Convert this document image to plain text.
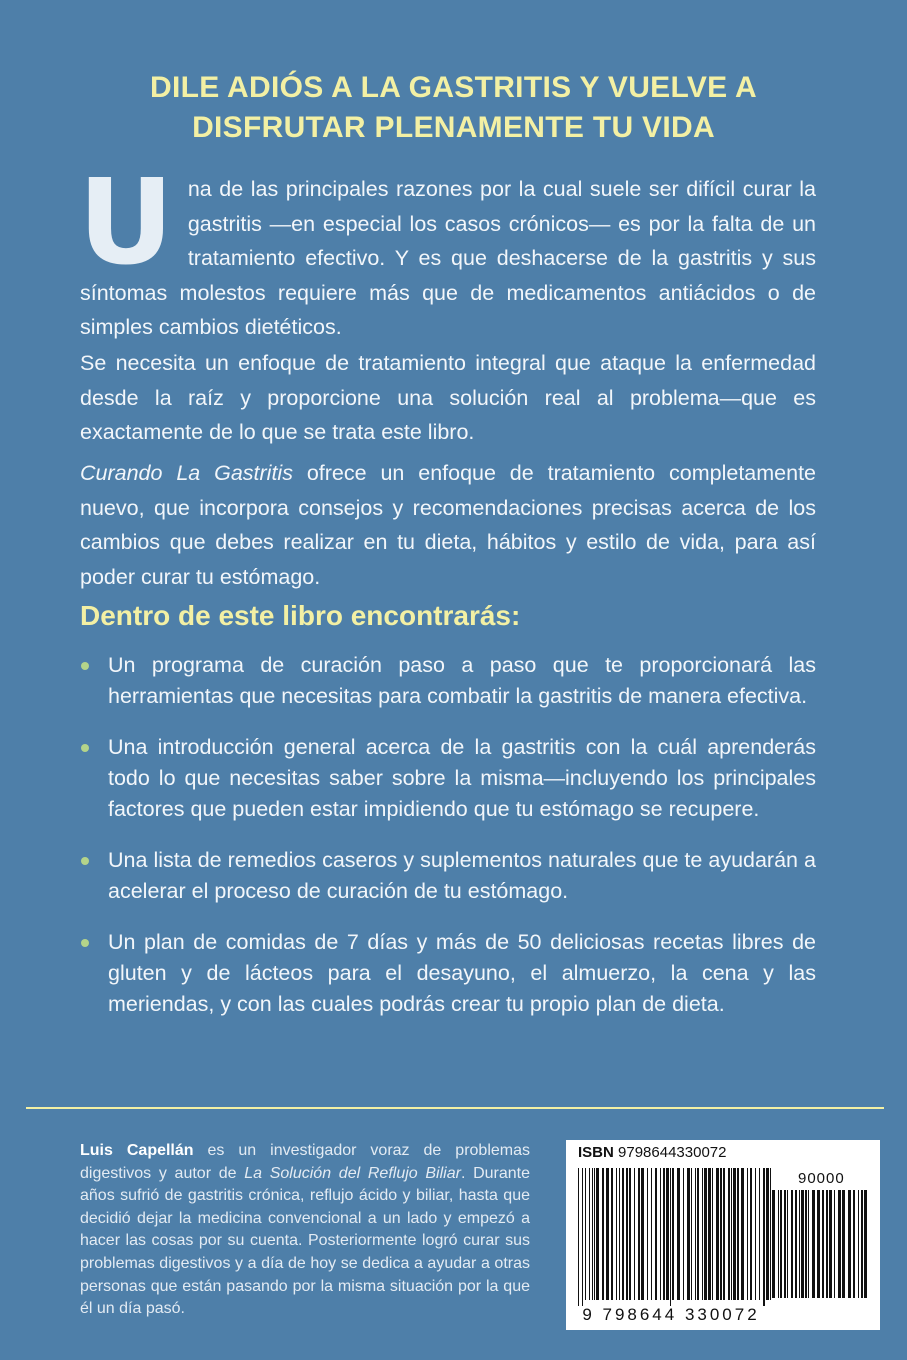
DILE ADIÓS A LA GASTRITIS Y VUELVE A
DISFRUTAR PLENAMENTE TU VIDA
Una de las principales razones por la cual suele ser difícil curar la gastritis —en especial los casos crónicos— es por la falta de un tratamiento efectivo. Y es que deshacerse de la gastritis y sus síntomas molestos requiere más que de medicamentos antiácidos o de simples cambios dietéticos.
Se necesita un enfoque de tratamiento integral que ataque la enfermedad desde la raíz y proporcione una solución real al problema—que es exactamente de lo que se trata este libro.
Curando La Gastritis ofrece un enfoque de tratamiento completamente nuevo, que incorpora consejos y recomendaciones precisas acerca de los cambios que debes realizar en tu dieta, hábitos y estilo de vida, para así poder curar tu estómago.
Dentro de este libro encontrarás:
Un programa de curación paso a paso que te proporcionará las herramientas que necesitas para combatir la gastritis de manera efectiva.
Una introducción general acerca de la gastritis con la cuál aprenderás todo lo que necesitas saber sobre la misma—incluyendo los principales factores que pueden estar impidiendo que tu estómago se recupere.
Una lista de remedios caseros y suplementos naturales que te ayudarán a acelerar el proceso de curación de tu estómago.
Un plan de comidas de 7 días y más de 50 deliciosas recetas libres de gluten y de lácteos para el desayuno, el almuerzo, la cena y las meriendas, y con las cuales podrás crear tu propio plan de dieta.
Luis Capellán es un investigador voraz de problemas digestivos y autor de La Solución del Reflujo Biliar. Durante años sufrió de gastritis crónica, reflujo ácido y biliar, hasta que decidió dejar la medicina convencional a un lado y empezó a hacer las cosas por su cuenta. Posteriormente logró curar sus problemas digestivos y a día de hoy se dedica a ayudar a otras personas que están pasando por la misma situación por la que él un día pasó.
ISBN 9798644330072
90000
9 798644 330072
